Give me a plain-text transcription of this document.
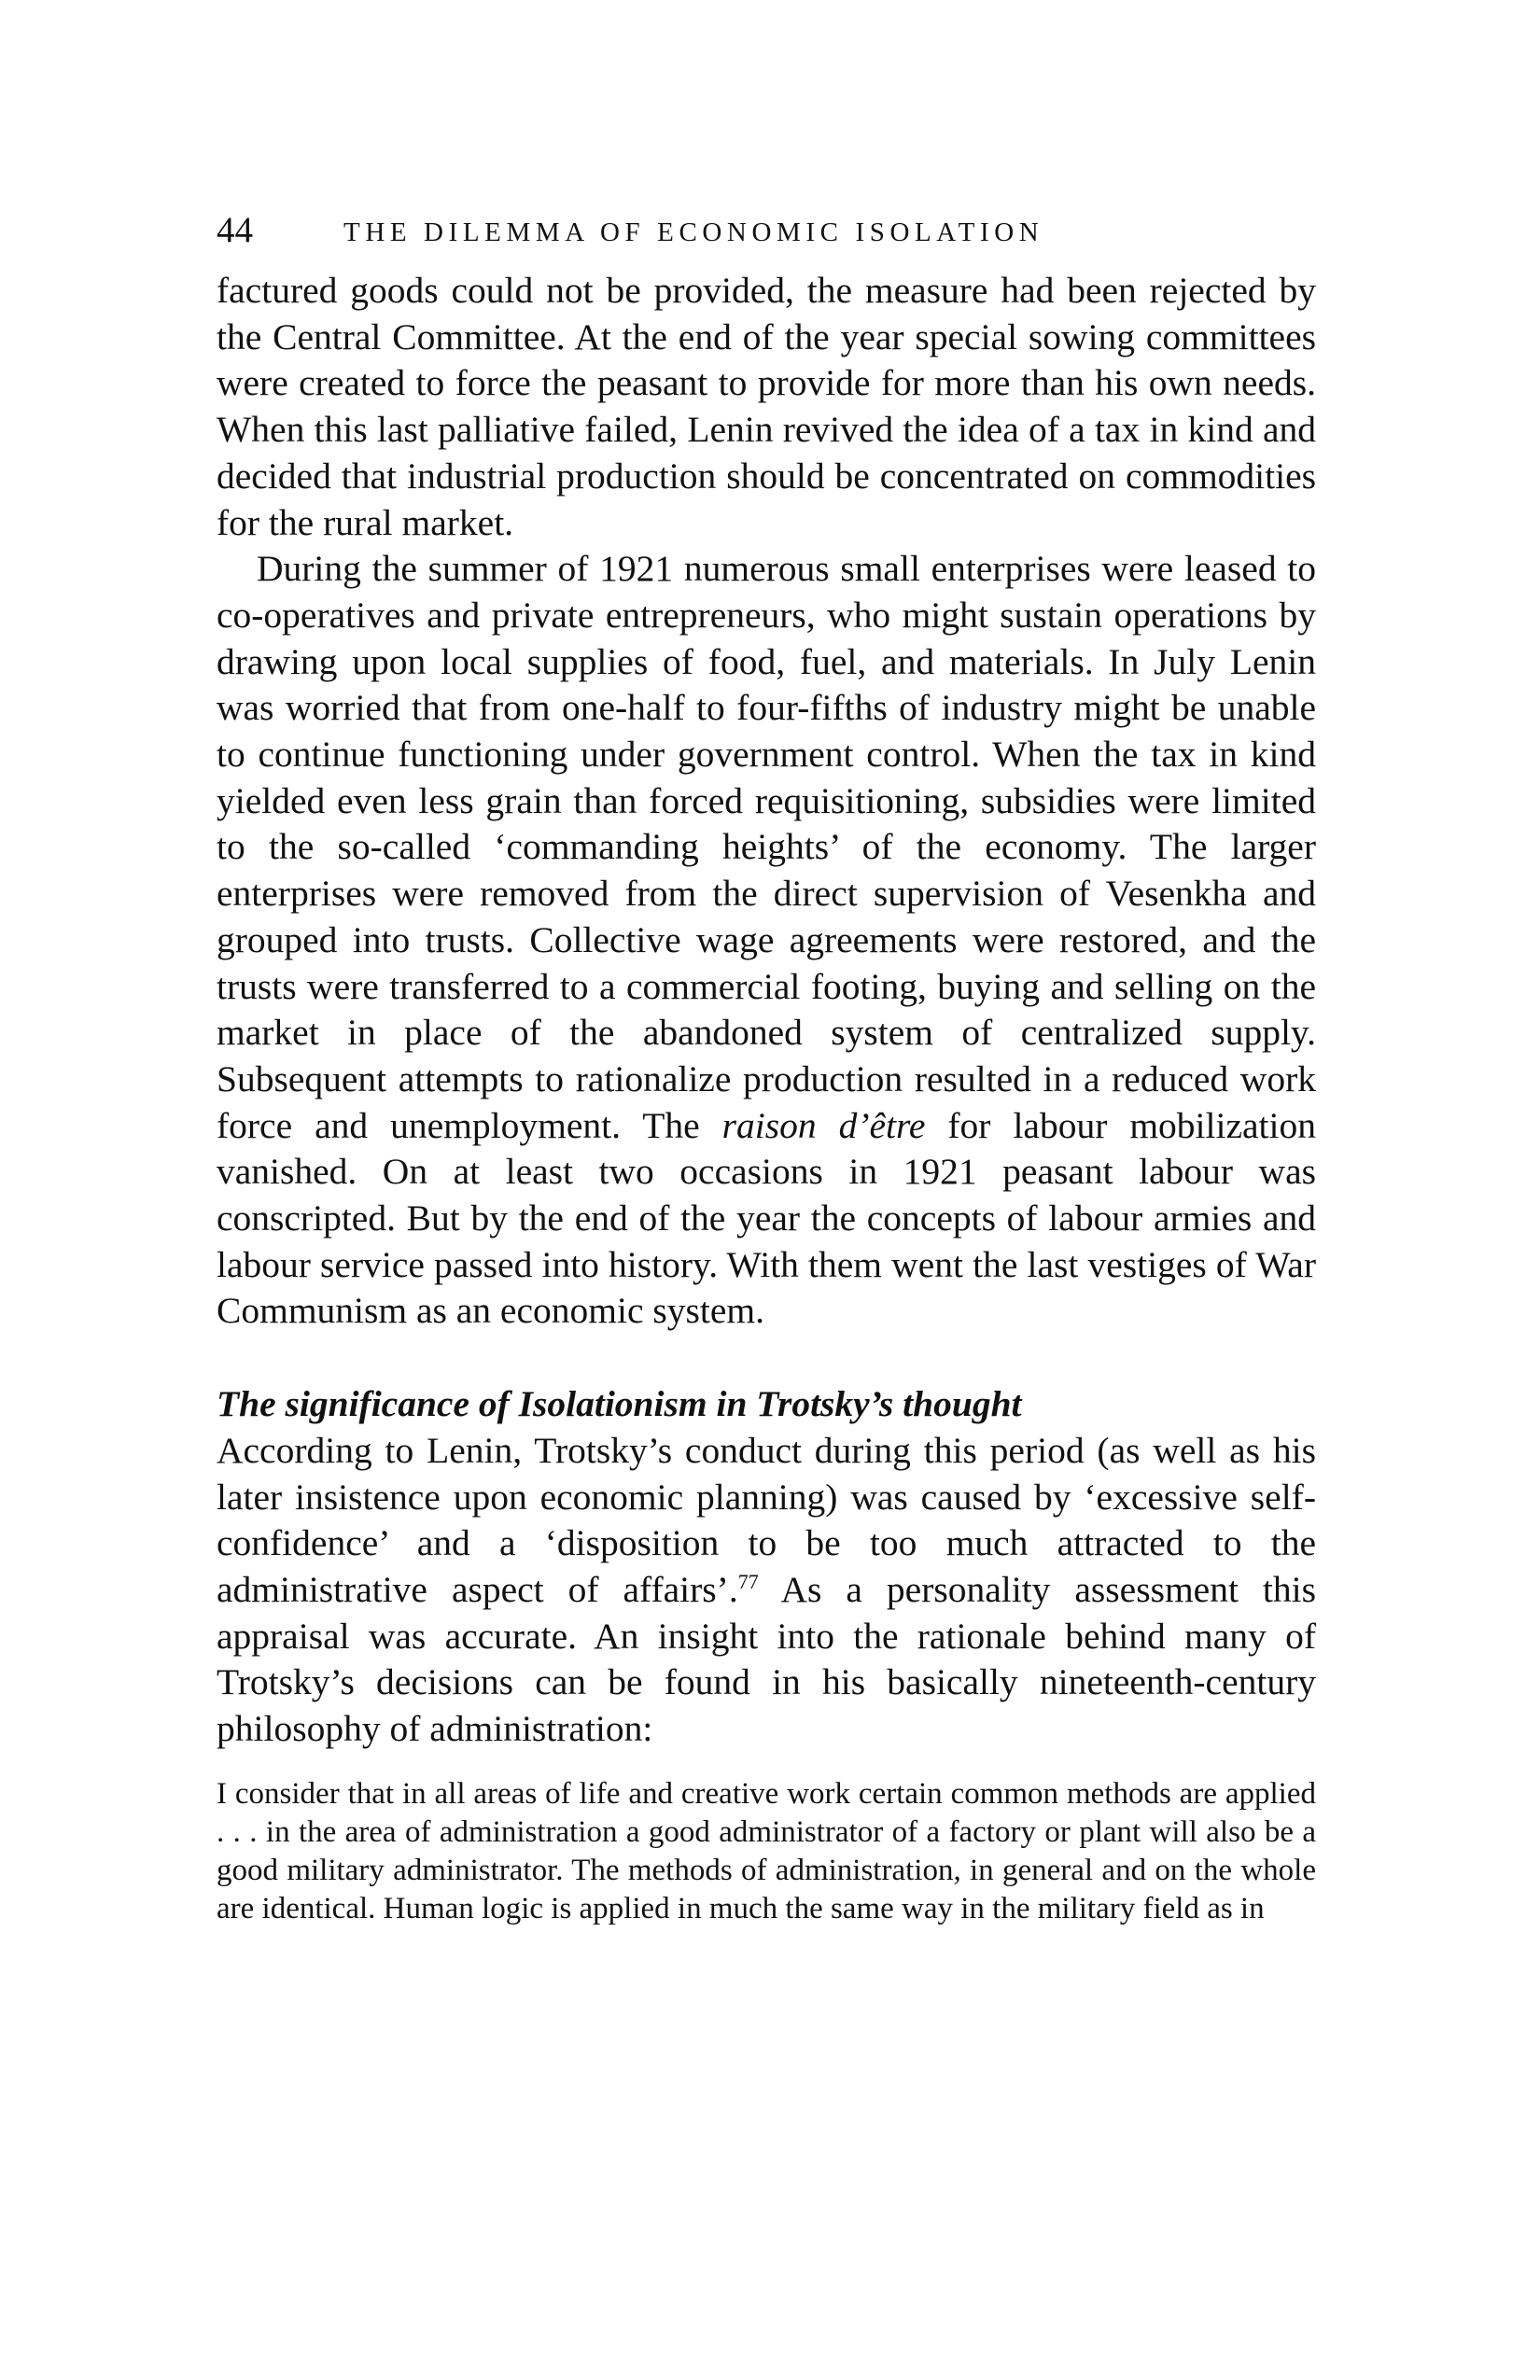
44	THE DILEMMA OF ECONOMIC ISOLATION

factured goods could not be provided, the measure had been rejected by the Central Committee. At the end of the year special sowing committees were created to force the peasant to provide for more than his own needs. When this last palliative failed, Lenin revived the idea of a tax in kind and decided that industrial production should be concentrated on commodities for the rural market.

During the summer of 1921 numerous small enterprises were leased to co-operatives and private entrepreneurs, who might sustain operations by drawing upon local supplies of food, fuel, and materials. In July Lenin was worried that from one-half to four-fifths of industry might be unable to continue functioning under government control. When the tax in kind yielded even less grain than forced requisitioning, subsidies were limited to the so-called ‘commanding heights’ of the economy. The larger enterprises were removed from the direct supervision of Vesenkha and grouped into trusts. Collective wage agreements were restored, and the trusts were transferred to a commercial footing, buying and selling on the market in place of the abandoned system of centralized supply. Subsequent attempts to rationalize production resulted in a reduced work force and unemployment. The raison d’être for labour mobilization vanished. On at least two occasions in 1921 peasant labour was conscripted. But by the end of the year the concepts of labour armies and labour service passed into history. With them went the last vestiges of War Communism as an economic system.

The significance of Isolationism in Trotsky’s thought

According to Lenin, Trotsky’s conduct during this period (as well as his later insistence upon economic planning) was caused by ‘excessive self-confidence’ and a ‘disposition to be too much attracted to the administrative aspect of affairs’.$^{77}$ As a personality assessment this appraisal was accurate. An insight into the rationale behind many of Trotsky’s decisions can be found in his basically nineteenth-century philosophy of administration:

I consider that in all areas of life and creative work certain common methods are applied . . . in the area of administration a good administrator of a factory or plant will also be a good military administrator. The methods of administration, in general and on the whole are identical. Human logic is applied in much the same way in the military field as in
